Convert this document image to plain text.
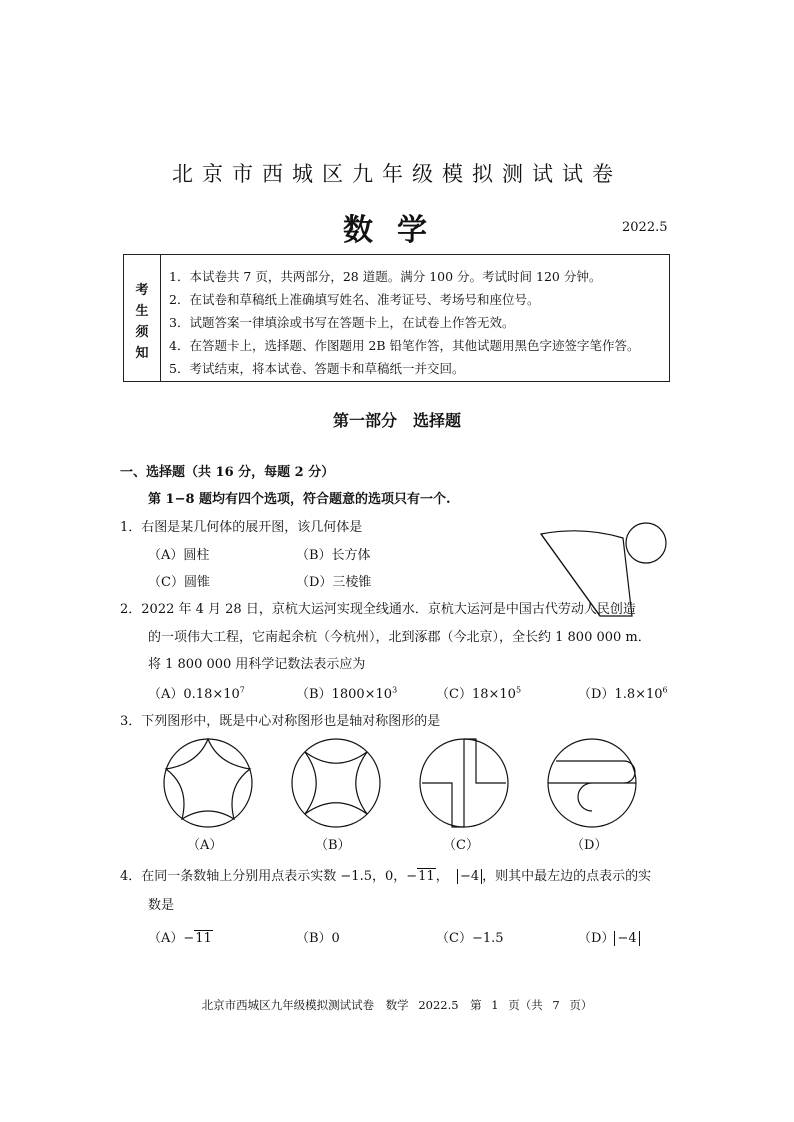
北京市西城区九年级模拟测试试卷
数学	2022.5
考
生
须
知
1．本试卷共 7 页，共两部分，28 道题。满分 100 分。考试时间 120 分钟。
2．在试卷和草稿纸上准确填写姓名、准考证号、考场号和座位号。
3．试题答案一律填涂或书写在答题卡上，在试卷上作答无效。
4．在答题卡上，选择题、作图题用 2B 铅笔作答，其他试题用黑色字迹签字笔作答。
5．考试结束，将本试卷、答题卡和草稿纸一并交回。
第一部分　选择题
一、选择题（共 16 分，每题 2 分）
第 1−8 题均有四个选项，符合题意的选项只有一个.
1．右图是某几何体的展开图，该几何体是
（A）圆柱	（B）长方体
（C）圆锥	（D）三棱锥
2．2022 年 4 月 28 日，京杭大运河实现全线通水．京杭大运河是中国古代劳动人民创造
的一项伟大工程，它南起余杭（今杭州），北到涿郡（今北京），全长约 1 800 000 m．
将 1 800 000 用科学记数法表示应为
$(A)0.18\times 10^7$	$(B)1800\times 10^3$	$(C)18\times 10^5$	$(D)1.8\times 10^6$
3．下列图形中，既是中心对称图形也是轴对称图形的是
（A）	（B）	（C）	（D）
4．在同一条数轴上分别用点表示实数 −1.5，0，−11， −4 ，则其中最左边的点表示的实
数是
（A）−11	（B）0	（C）−1.5	（D） −4
北京市西城区九年级模拟测试试卷　数学 2022.5　第 1 页（共 7 页）
